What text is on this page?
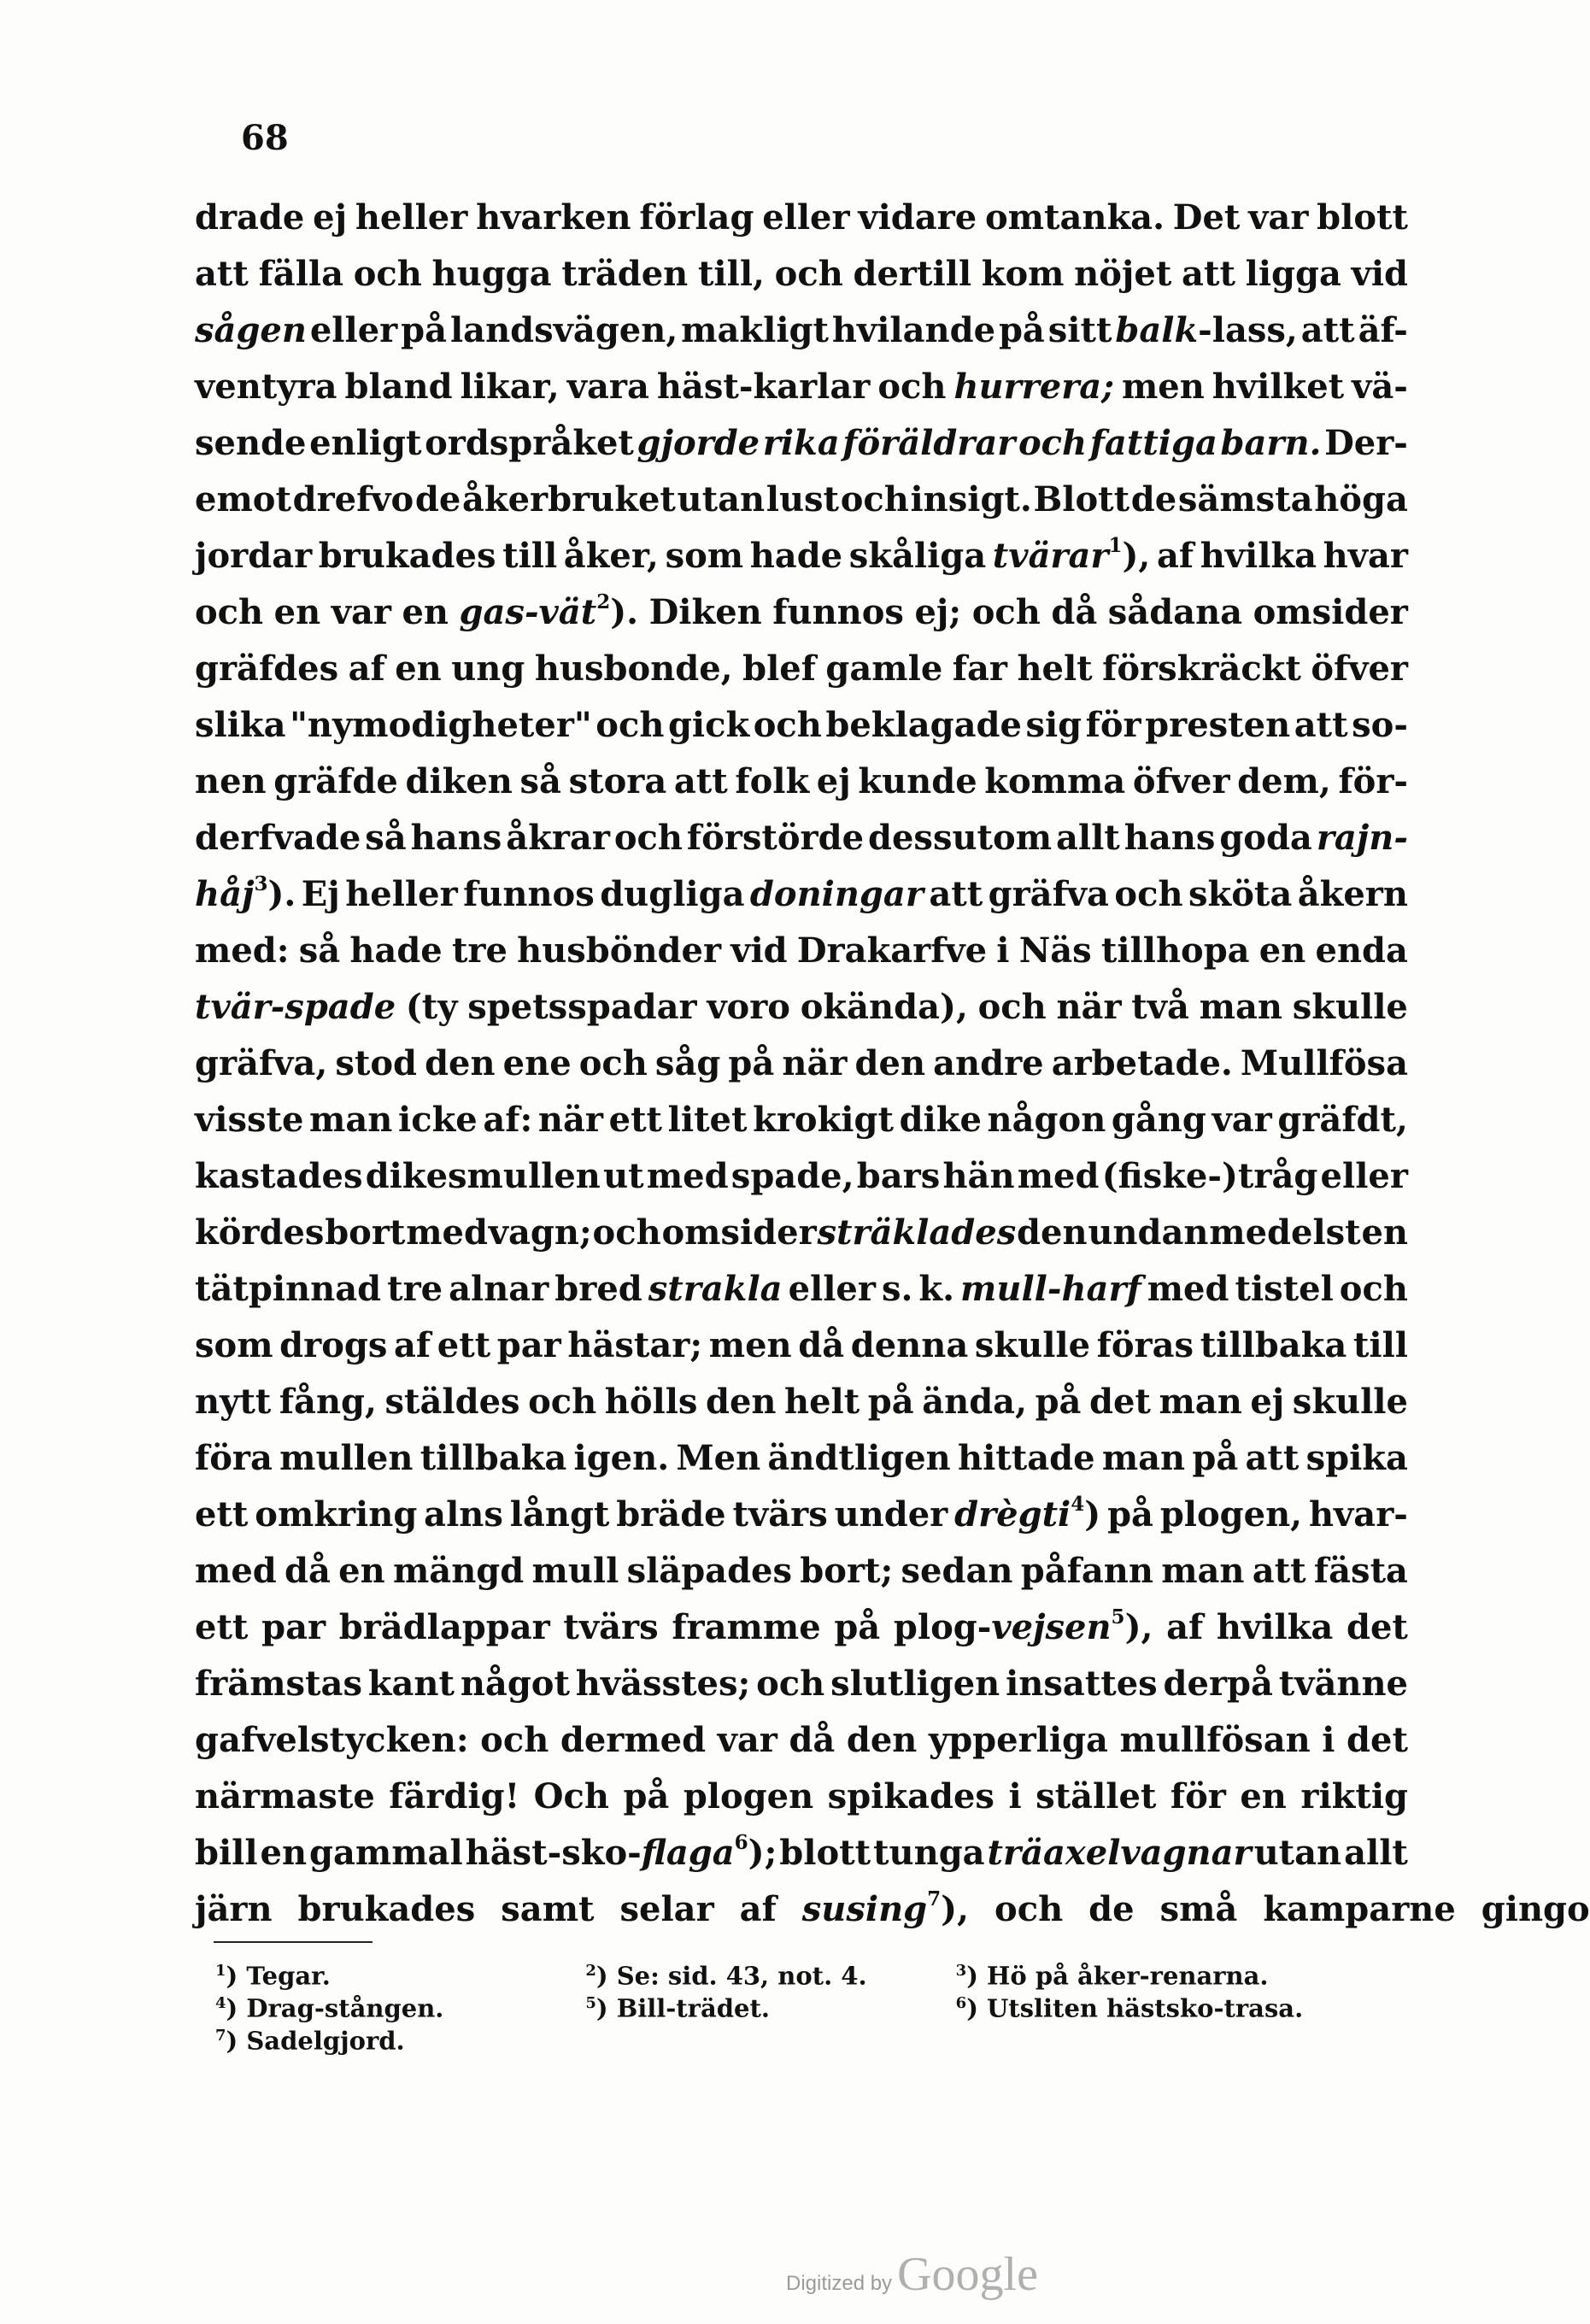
68
drade ej heller hvarken förlag eller vidare omtanka. Det var blott
att fälla och hugga träden till, och dertill kom nöjet att ligga vid
sågen eller på landsvägen, makligt hvilande på sitt balk-lass, att äf-
ventyra bland likar, vara häst-karlar och hurrera; men hvilket vä-
sende enligt ordspråket gjorde rika föräldrar och fattiga barn. Der-
emot drefvo de åkerbruket utan lust och insigt. Blott de sämsta höga
jordar brukades till åker, som hade skåliga tvärar$^1$), af hvilka hvar
och en var en gas-vät$^2$). Diken funnos ej; och då sådana omsider
gräfdes af en ung husbonde, blef gamle far helt förskräckt öfver
slika "nymodigheter" och gick och beklagade sig för presten att so-
nen gräfde diken så stora att folk ej kunde komma öfver dem, för-
derfvade så hans åkrar och förstörde dessutom allt hans goda rajn-
håj$^3$). Ej heller funnos dugliga doningar att gräfva och sköta åkern
med: så hade tre husbönder vid Drakarfve i Näs tillhopa en enda
tvär-spade (ty spetsspadar voro okända), och när två man skulle
gräfva, stod den ene och såg på när den andre arbetade. Mullfösa
visste man icke af: när ett litet krokigt dike någon gång var gräfdt,
kastades dikesmullen ut med spade, bars hän med (fiske-)tråg eller
kördes bort med vagn; och omsider sträklades den undan medelst en
tätpinnad tre alnar bred strakla eller s. k. mull-harf med tistel och
som drogs af ett par hästar; men då denna skulle föras tillbaka till
nytt fång, stäldes och hölls den helt på ända, på det man ej skulle
föra mullen tillbaka igen. Men ändtligen hittade man på att spika
ett omkring alns långt bräde tvärs under drègti$^4$) på plogen, hvar-
med då en mängd mull släpades bort; sedan påfann man att fästa
ett par brädlappar tvärs framme på plog-vejsen$^5$), af hvilka det
främstas kant något hvässtes; och slutligen insattes derpå tvänne
gafvelstycken: och dermed var då den ypperliga mullfösan i det
närmaste färdig! Och på plogen spikades i stället för en riktig
bill en gammal häst-sko-flaga$^6$); blott tunga träaxelvagnar utan allt
järn brukades samt selar af susing$^7$), och de små kamparne gingo
$^1$) Tegar.	$^2$) Se: sid. 43, not. 4.	$^3$) Hö på åker-renarna.
$^4$) Drag-stången.	$^5$) Bill-trädet.	$^6$) Utsliten hästsko-trasa.
$^7$) Sadelgjord.
Digitized by Google
